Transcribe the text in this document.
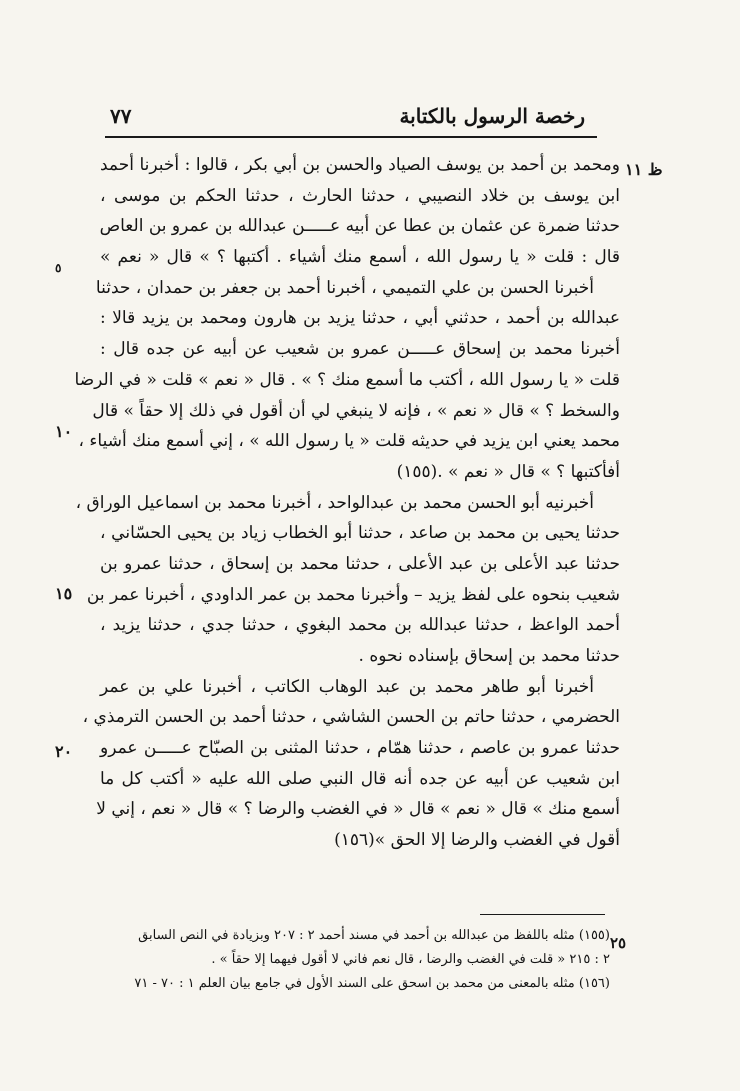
رخصة الرسول بالكتابة
٧٧
ظ ١١
٥
١٠
١٥
٢٠
ومحمد بن أحمد بن يوسف الصياد والحسن بن أبي بكر ، قالوا : أخبرنا أحمد
ابن يوسف بن خلاد النصيبي ، حدثنا الحارث ، حدثنا الحكم بن موسى ،
حدثنا ضمرة عن عثمان بن عطا عن أبيه عـــــن عبدالله بن عمرو بن العاص
قال : قلت « يا رسول الله ، أسمع منك أشياء . أكتبها ؟ » قال « نعم »
أخبرنا الحسن بن علي التميمي ، أخبرنا أحمد بن جعفر بن حمدان ، حدثنا
عبدالله بن أحمد ، حدثني أبي ، حدثنا يزيد بن هارون ومحمد بن يزيد قالا :
أخبرنا محمد بن إسحاق عـــــن عمرو بن شعيب عن أبيه عن جده قال :
قلت « يا رسول الله ، أكتب ما أسمع منك ؟ » . قال « نعم » قلت « في الرضا
والسخط ؟ » قال « نعم » ، فإنه لا ينبغي لي أن أقول في ذلك إلا حقاً » قال
محمد يعني ابن يزيد في حديثه قلت « يا رسول الله » ، إني أسمع منك أشياء ،
أفأكتبها ؟ » قال « نعم » .(١٥٥)
أخبرنيه أبو الحسن محمد بن عبدالواحد ، أخبرنا محمد بن اسماعيل الوراق ،
حدثنا يحيى بن محمد بن صاعد ، حدثنا أبو الخطاب زياد بن يحيى الحسّاني ،
حدثنا عبد الأعلى بن عبد الأعلى ، حدثنا محمد بن إسحاق ، حدثنا عمرو بن
شعيب بنحوه على لفظ يزيد – وأخبرنا محمد بن عمر الداودي ، أخبرنا عمر بن
أحمد الواعظ ، حدثنا عبدالله بن محمد البغوي ، حدثنا جدي ، حدثنا يزيد ،
حدثنا محمد بن إسحاق بإسناده نحوه .
أخبرنا أبو طاهر محمد بن عبد الوهاب الكاتب ، أخبرنا علي بن عمر
الحضرمي ، حدثنا حاتم بن الحسن الشاشي ، حدثنا أحمد بن الحسن الترمذي ،
حدثنا عمرو بن عاصم ، حدثنا همّام ، حدثنا المثنى بن الصبّاح عـــــن عمرو
ابن شعيب عن أبيه عن جده أنه قال النبي صلى الله عليه « أكتب كل ما
أسمع منك » قال « نعم » قال « في الغضب والرضا ؟ » قال « نعم ، إني لا
أقول في الغضب والرضا إلا الحق »(١٥٦)
٢٥
(١٥٥) مثله باللفظ من عبدالله بن أحمد في مسند أحمد ٢ : ٢٠٧ وبزيادة في النص السابق
٢ : ٢١٥ « قلت في الغضب والرضا ، قال نعم فاني لا أقول فيهما إلا حقاً » .
(١٥٦) مثله بالمعنى من محمد بن اسحق على السند الأول في جامع بيان العلم ١ : ٧٠ - ٧١
